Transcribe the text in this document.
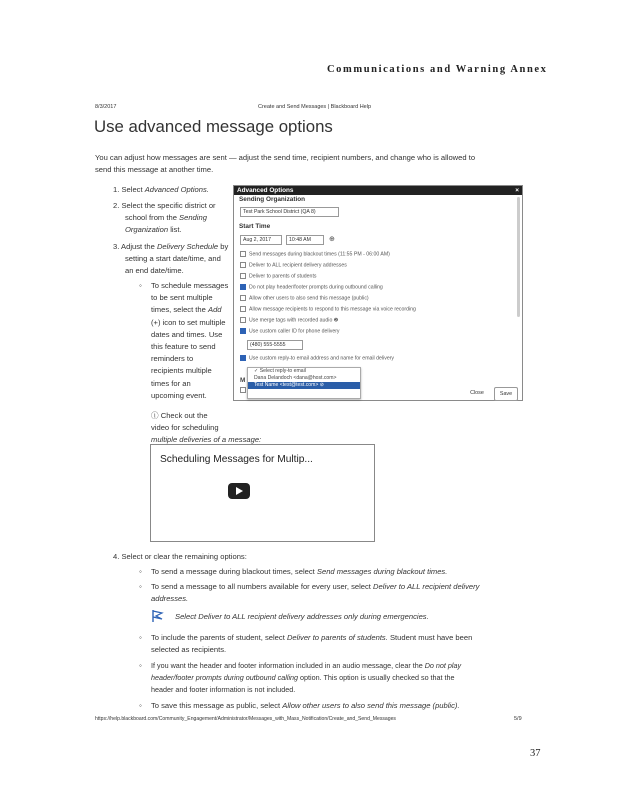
Communications and Warning Annex
8/3/2017	Create and Send Messages | Blackboard Help
Use advanced message options
You can adjust how messages are sent — adjust the send time, recipient numbers, and change who is allowed to
send this message at another time.
1. Select Advanced Options.
2. Select the specific district or
school from the Sending
Organization list.
3. Adjust the Delivery Schedule by
setting a start date/time, and
an end date/time.
◦ To schedule messages
to be sent multiple
times, select the Add
(+) icon to set multiple
dates and times. Use
this feature to send
reminders to
recipients multiple
times for an
upcoming event.
ⓘ Check out the
video for scheduling
multiple deliveries of a message:
Scheduling Messages for Multip...
Advanced Options	×
Sending Organization
Test Park School District (QA 8)
Start Time
Aug 2, 2017	10:48 AM	⊕
Send messages during blackout times (11:55 PM - 06:00 AM)
Deliver to ALL recipient delivery addresses
Deliver to parents of students
Do not play header/footer prompts during outbound calling
Allow other users to also send this message (public)
Allow message recipients to respond to this message via voice recording
Use merge tags with recorded audio ❷
Use custom caller ID for phone delivery
(480) 555-5555
Use custom reply-to email address and name for email delivery
M
✓ Select reply-to email
Dana Delandoch <dana@host.com>
Test Name <test@test.com> ⊘
Close	Save
4. Select or clear the remaining options:
◦ To send a message during blackout times, select Send messages during blackout times.
◦ To send a message to all numbers available for every user, select Deliver to ALL recipient delivery
addresses.
Select Deliver to ALL recipient delivery addresses only during emergencies.
◦ To include the parents of student, select Deliver to parents of students. Student must have been
selected as recipients.
◦ If you want the header and footer information included in an audio message, clear the Do not play
header/footer prompts during outbound calling option. This option is usually checked so that the
header and footer information is not included.
◦ To save this message as public, select Allow other users to also send this message (public).
https://help.blackboard.com/Community_Engagement/Administrator/Messages_with_Mass_Notification/Create_and_Send_Messages	5/9
37
